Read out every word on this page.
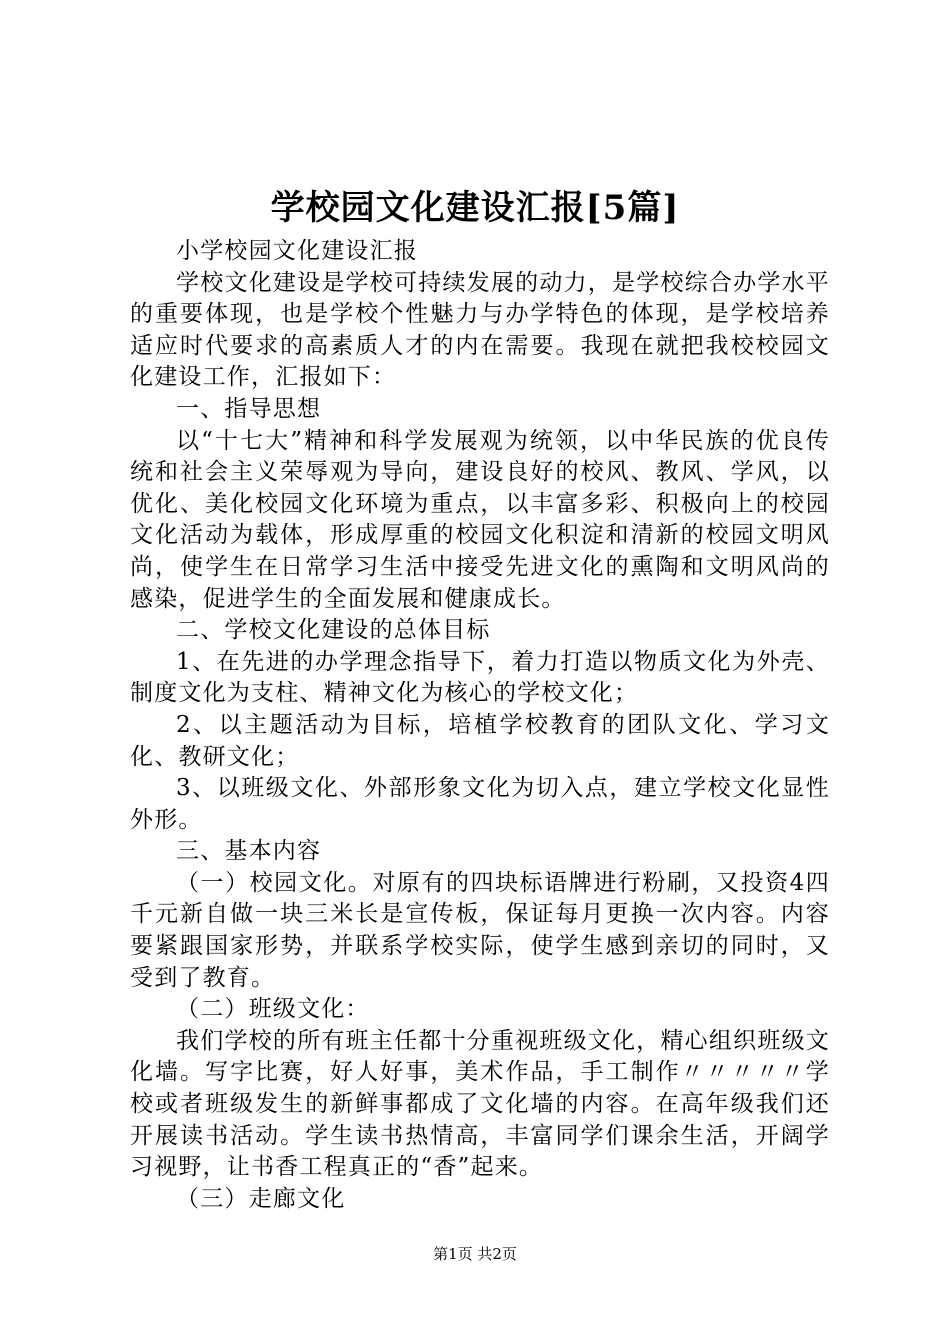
学校园文化建设汇报[5篇]

小学校园文化建设汇报

学校文化建设是学校可持续发展的动力，是学校综合办学水平的重要体现，也是学校个性魅力与办学特色的体现，是学校培养适应时代要求的高素质人才的内在需要。我现在就把我校校园文化建设工作，汇报如下：

一、指导思想

以“十七大”精神和科学发展观为统领，以中华民族的优良传统和社会主义荣辱观为导向，建设良好的校风、教风、学风，以优化、美化校园文化环境为重点，以丰富多彩、积极向上的校园文化活动为载体，形成厚重的校园文化积淀和清新的校园文明风尚，使学生在日常学习生活中接受先进文化的熏陶和文明风尚的感染，促进学生的全面发展和健康成长。

二、学校文化建设的总体目标

1、在先进的办学理念指导下，着力打造以物质文化为外壳、制度文化为支柱、精神文化为核心的学校文化；

2、以主题活动为目标，培植学校教育的团队文化、学习文化、教研文化；

3、以班级文化、外部形象文化为切入点，建立学校文化显性外形。

三、基本内容

（一）校园文化。对原有的四块标语牌进行粉刷，又投资4四千元新自做一块三米长是宣传板，保证每月更换一次内容。内容要紧跟国家形势，并联系学校实际，使学生感到亲切的同时，又受到了教育。

（二）班级文化：

我们学校的所有班主任都十分重视班级文化，精心组织班级文化墙。写字比赛，好人好事，美术作品，手工制作〃〃〃〃〃学校或者班级发生的新鲜事都成了文化墙的内容。在高年级我们还开展读书活动。学生读书热情高，丰富同学们课余生活，开阔学习视野，让书香工程真正的“香”起来。

（三）走廊文化

第1页 共2页
